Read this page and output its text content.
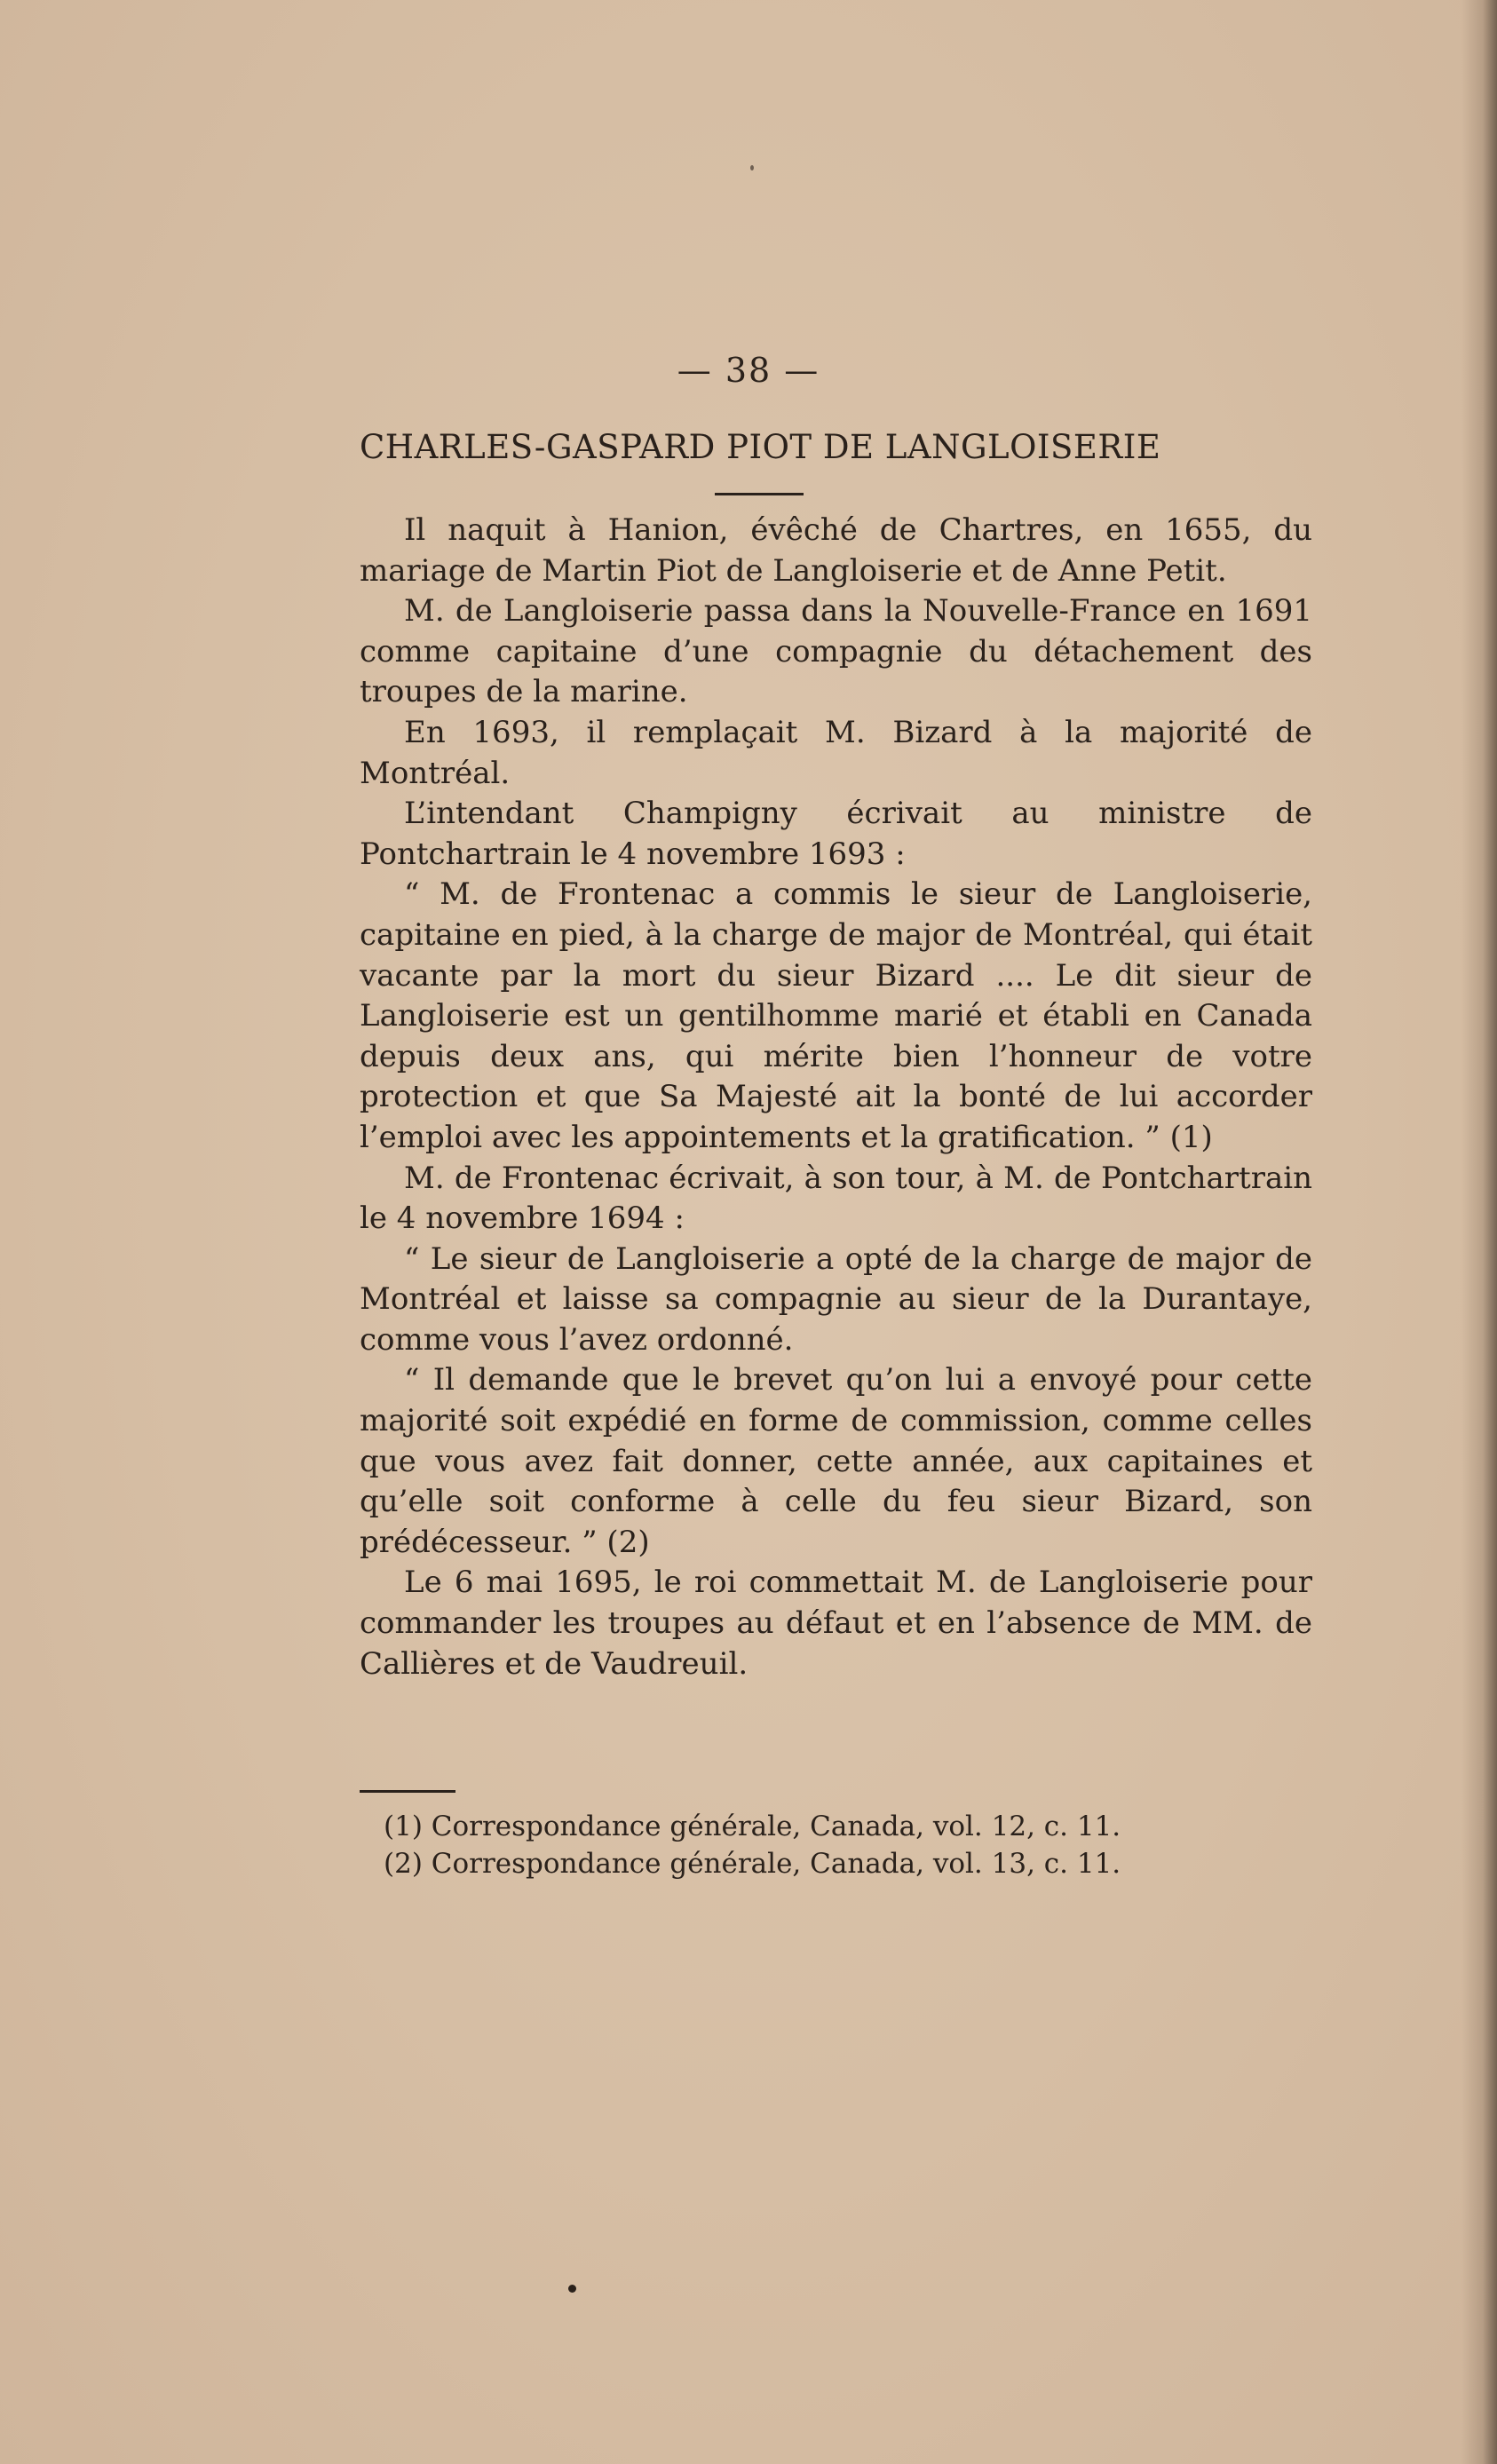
— 38 —
CHARLES-GASPARD PIOT DE LANGLOISERIE

Il naquit à Hanion, évêché de Chartres, en 1655, du mariage de Martin Piot de Langloiserie et de Anne Petit.

M. de Langloiserie passa dans la Nouvelle-France en 1691 comme capitaine d’une compagnie du détachement des troupes de la marine.

En 1693, il remplaçait M. Bizard à la majorité de Montréal.

L’intendant Champigny écrivait au ministre de Pontchartrain le 4 novembre 1693 :

“ M. de Frontenac a commis le sieur de Langloiserie, capitaine en pied, à la charge de major de Montréal, qui était vacante par la mort du sieur Bizard .... Le dit sieur de Langloiserie est un gentilhomme marié et établi en Canada depuis deux ans, qui mérite bien l’honneur de votre protection et que Sa Majesté ait la bonté de lui accorder l’emploi avec les appointements et la gratification. ” (1)

M. de Frontenac écrivait, à son tour, à M. de Pontchartrain le 4 novembre 1694 :

“ Le sieur de Langloiserie a opté de la charge de major de Montréal et laisse sa compagnie au sieur de la Durantaye, comme vous l’avez ordonné.

“ Il demande que le brevet qu’on lui a envoyé pour cette majorité soit expédié en forme de commission, comme celles que vous avez fait donner, cette année, aux capitaines et qu’elle soit conforme à celle du feu sieur Bizard, son prédécesseur. ” (2)

Le 6 mai 1695, le roi commettait M. de Langloiserie pour commander les troupes au défaut et en l’absence de MM. de Callières et de Vaudreuil.

(1) Correspondance générale, Canada, vol. 12, c. 11.
(2) Correspondance générale, Canada, vol. 13, c. 11.
